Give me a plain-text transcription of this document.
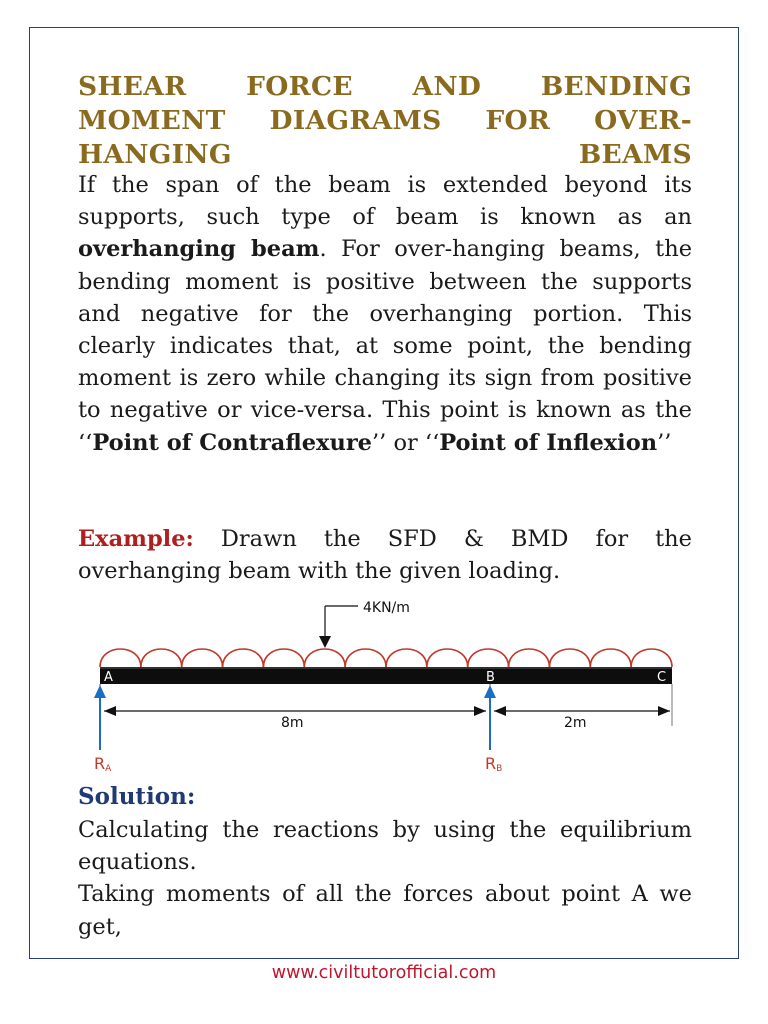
SHEAR FORCE AND BENDING MOMENT DIAGRAMS FOR OVER-HANGING BEAMS

If the span of the beam is extended beyond its supports, such type of beam is known as an overhanging beam. For over-hanging beams, the bending moment is positive between the supports and negative for the overhanging portion. This clearly indicates that, at some point, the bending moment is zero while changing its sign from positive to negative or vice-versa. This point is known as the ‘‘Point of Contraflexure’’ or ‘‘Point of Inflexion’’

Example: Drawn the SFD & BMD for the overhanging beam with the given loading.

4KN/m
A	B	C
8m	2m
RA	RB

Solution:

Calculating the reactions by using the equilibrium equations.
Taking moments of all the forces about point A we get,

www.civiltutorofficial.com
